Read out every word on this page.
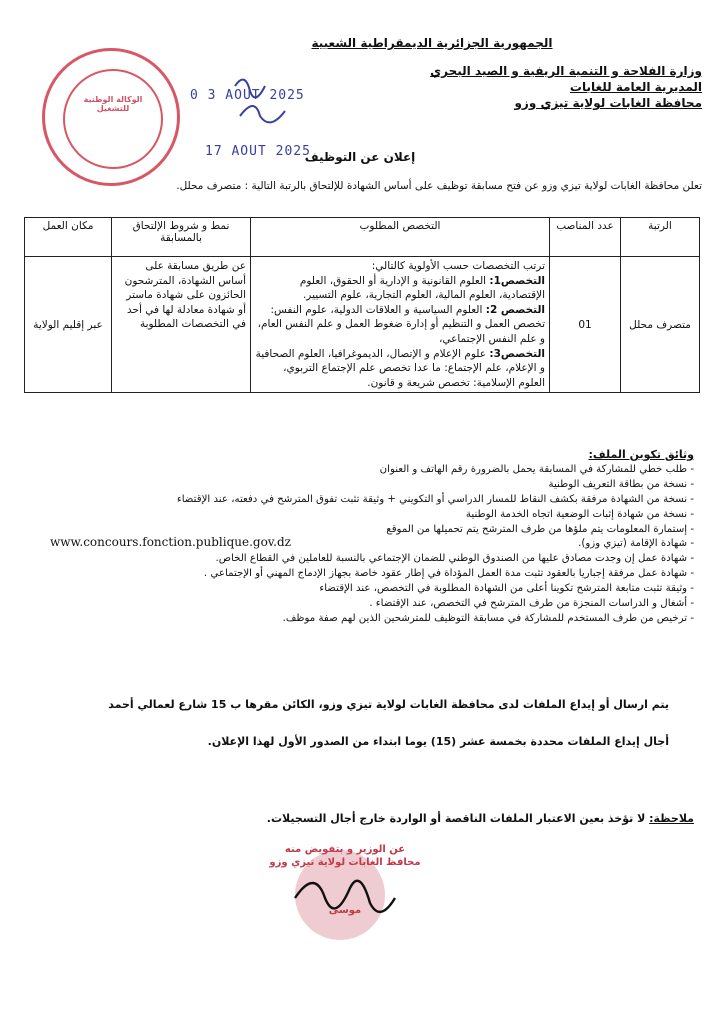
الجمهورية الجزائرية الديمقراطية الشعبية
وزارة الفلاحة و التنمية الريفية و الصيد البحري
المديرية العامة للغابات
محافظة الغابات لولاية تيزي وزو
الوكالة الوطنية للتشغيل
0 3 AOUT 2025
17 AOUT 2025
إعلان عن التوظيف
تعلن محافظة الغابات لولاية تيزي وزو عن فتح مسابقة توظيف على أساس الشهادة للإلتحاق بالرتبة التالية : متصرف محلل.
الرتبة	عدد المناصب	التخصص المطلوب	نمط و شروط الإلتحاق بالمسابقة	مكان العمل
متصرف محلل	01	ترتب التخصصات حسب الأولوية كالتالي:
التخصص1: العلوم القانونية و الإدارية أو الحقوق، العلوم الإقتصادية، العلوم المالية، العلوم التجارية، علوم التسيير.
التخصص 2: العلوم السياسية و العلاقات الدولية، علوم النفس: تخصص العمل و التنظيم أو إدارة ضغوط العمل و علم النفس العام، و علم النفس الإجتماعي،
التخصص3: علوم الإعلام و الإتصال، الديموغرافيا، العلوم الصحافية و الإعلام، علم الإجتماع: ما عدا تخصص علم الإجتماع التربوي، العلوم الإسلامية: تخصص شريعة و قانون.	عن طريق مسابقة على أساس الشهادة، المترشحون الحائزون على شهادة ماستر أو شهادة معادلة لها في أحد في التخصصات المطلوبة	عبر إقليم الولاية
وثائق تكوين الملف:
- طلب خطي للمشاركة في المسابقة يحمل بالضرورة رقم الهاتف و العنوان
- نسخة من بطاقة التعريف الوطنية
- نسخة من الشهادة مرفقة بكشف النقاط للمسار الدراسي أو التكويني + وثيقة تثبت تفوق المترشح في دفعته، عند الإقتضاء
- نسخة من شهادة إثبات الوضعية اتجاه الخدمة الوطنية
- إستمارة المعلومات يتم ملؤها من طرف المترشح يتم تحميلها من الموقع
- شهادة الإقامة (تيزي وزو).
- شهادة عمل إن وجدت مصادق عليها من الصندوق الوطني للضمان الإجتماعي بالنسبة للعاملين في القطاع الخاص.
- شهادة عمل مرفقة إجباريا بالعقود تثبت مدة العمل المؤداة في إطار عقود خاصة بجهاز الإدماج المهني أو الإجتماعي .
- وثيقة تثبت متابعة المترشح تكوينا أعلى من الشهادة المطلوبة في التخصص، عند الإقتضاء
- أشغال و الدراسات المنجزة من طرف المترشح في التخصص، عند الإقتضاء .
- ترخيص من طرف المستخدم للمشاركة في مسابقة التوظيف للمترشحين الذين لهم صفة موظف.
www.concours.fonction.publique.gov.dz
يتم ارسال أو إيداع الملفات لدى محافظة الغابات لولاية تيزي وزو، الكائن مقرها ب 15 شارع لعمالي أحمد
أجال إيداع الملفات محددة بخمسة عشر (15) يوما ابتداء من الصدور الأول لهذا الإعلان.
ملاحظة: لا تؤخذ بعين الاعتبار الملفات الناقصة أو الواردة خارج أجال التسجيلات.
عن الوزير و بتفويض منه
محافظ الغابات لولاية تيزي وزو
موسى
